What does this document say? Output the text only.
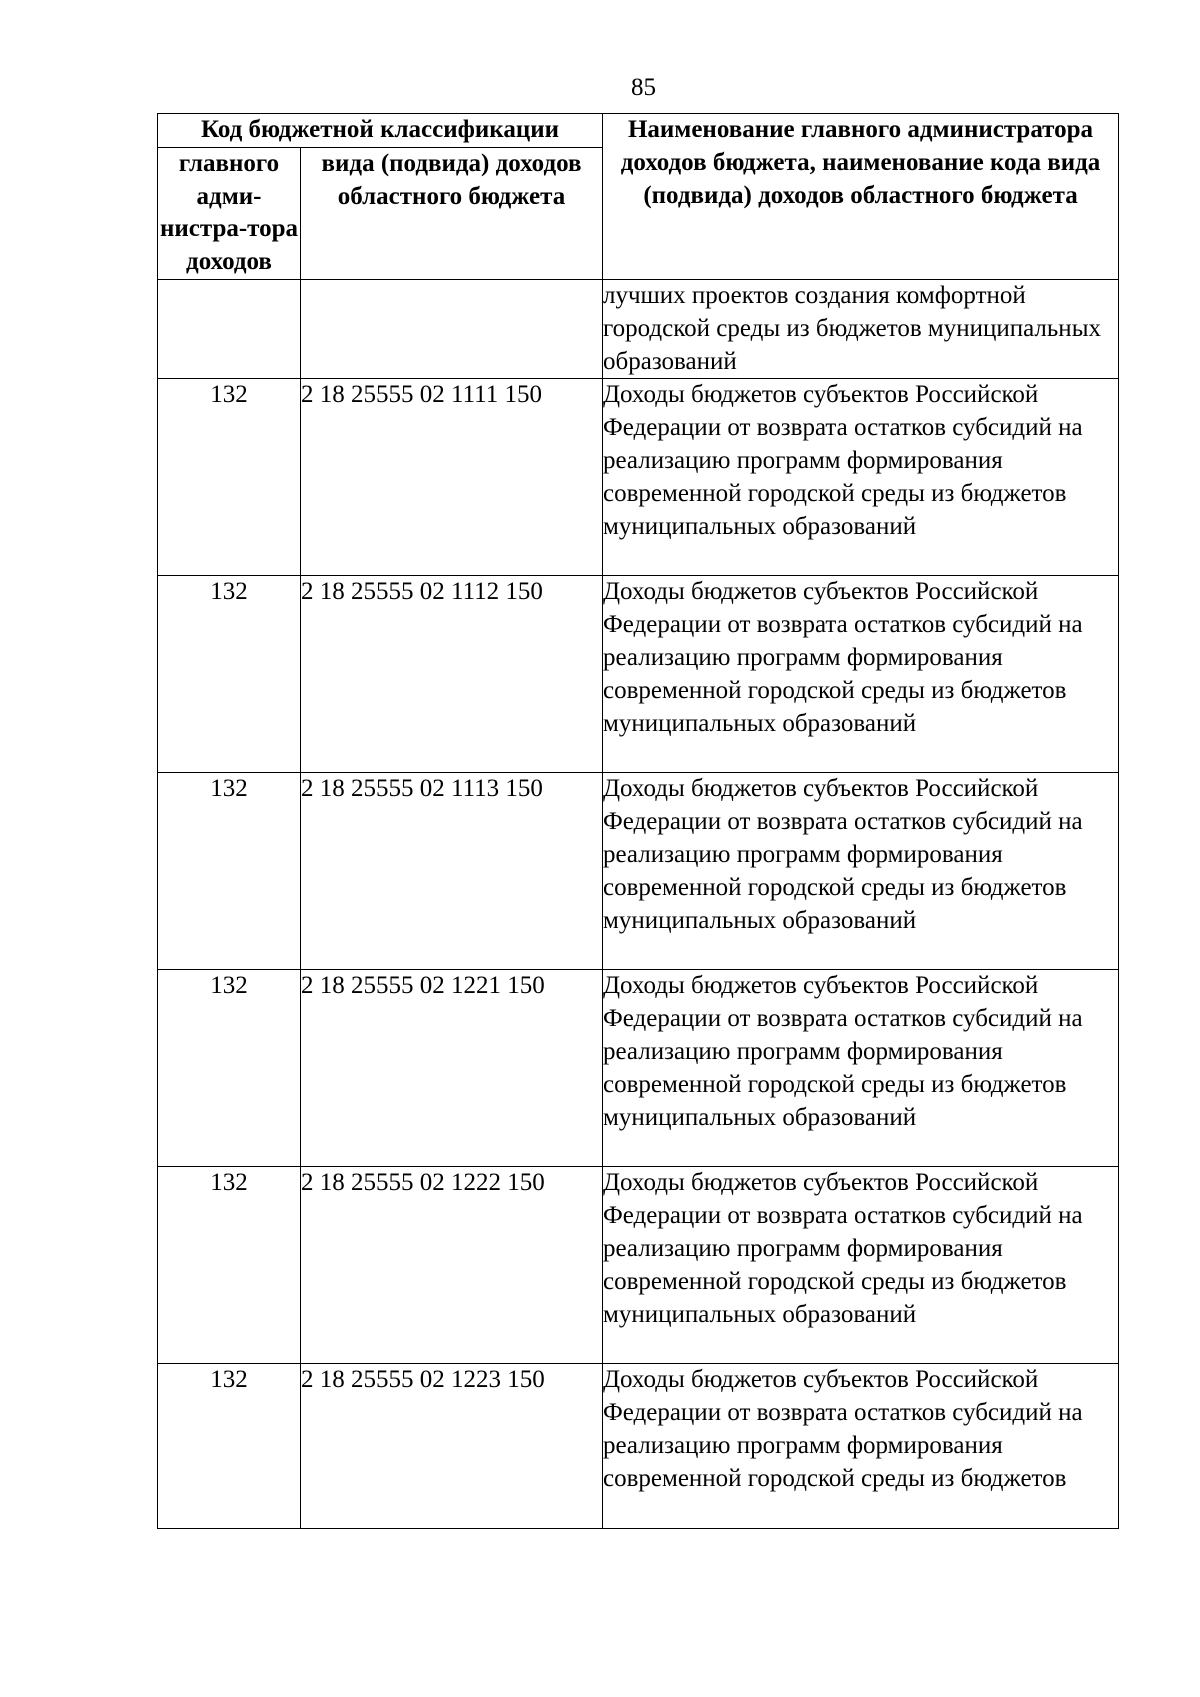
85
Код бюджетной классификации		Наименование главного администратора доходов бюджета, наименование кода вида (подвида) доходов областного бюджета
главного адми-нистра-тора доходов	вида (подвида) доходов областного бюджета	
		лучших проектов создания комфортной городской среды из бюджетов муниципальных образований
132	2 18 25555 02 1111 150	Доходы бюджетов субъектов Российской Федерации от возврата остатков субсидий на реализацию программ формирования современной городской среды из бюджетов муниципальных образований
132	2 18 25555 02 1112 150	Доходы бюджетов субъектов Российской Федерации от возврата остатков субсидий на реализацию программ формирования современной городской среды из бюджетов муниципальных образований
132	2 18 25555 02 1113 150	Доходы бюджетов субъектов Российской Федерации от возврата остатков субсидий на реализацию программ формирования современной городской среды из бюджетов муниципальных образований
132	2 18 25555 02 1221 150	Доходы бюджетов субъектов Российской Федерации от возврата остатков субсидий на реализацию программ формирования современной городской среды из бюджетов муниципальных образований
132	2 18 25555 02 1222 150	Доходы бюджетов субъектов Российской Федерации от возврата остатков субсидий на реализацию программ формирования современной городской среды из бюджетов муниципальных образований
132	2 18 25555 02 1223 150	Доходы бюджетов субъектов Российской Федерации от возврата остатков субсидий на реализацию программ формирования современной городской среды из бюджетов
